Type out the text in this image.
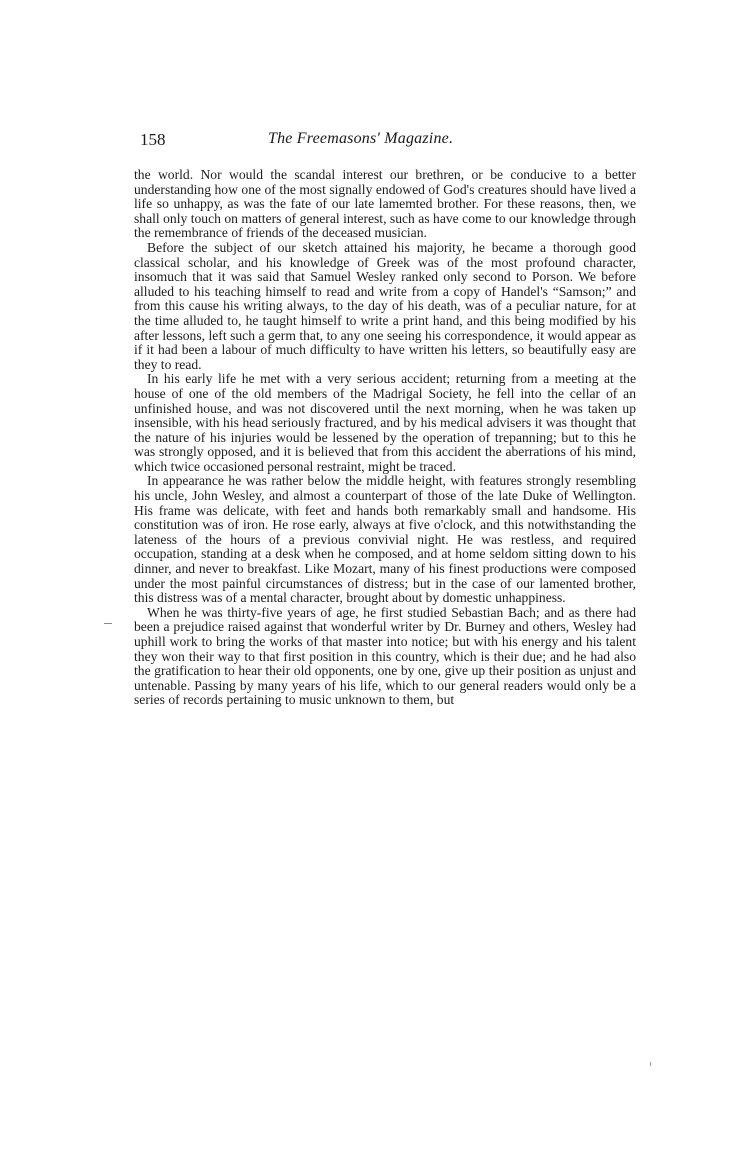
158	The Freemasons' Magazine.

the world. Nor would the scandal interest our brethren, or be conducive to a better understanding how one of the most signally endowed of God's creatures should have lived a life so unhappy, as was the fate of our late lamemted brother. For these reasons, then, we shall only touch on matters of general interest, such as have come to our knowledge through the remembrance of friends of the deceased musician.

Before the subject of our sketch attained his majority, he became a thorough good classical scholar, and his knowledge of Greek was of the most profound character, insomuch that it was said that Samuel Wesley ranked only second to Porson. We before alluded to his teaching himself to read and write from a copy of Handel's “Samson;” and from this cause his writing always, to the day of his death, was of a peculiar nature, for at the time alluded to, he taught himself to write a print hand, and this being modified by his after lessons, left such a germ that, to any one seeing his correspondence, it would appear as if it had been a labour of much difficulty to have written his letters, so beautifully easy are they to read.

In his early life he met with a very serious accident; returning from a meeting at the house of one of the old members of the Madrigal Society, he fell into the cellar of an unfinished house, and was not discovered until the next morning, when he was taken up insensible, with his head seriously fractured, and by his medical advisers it was thought that the nature of his injuries would be lessened by the operation of trepanning; but to this he was strongly opposed, and it is believed that from this accident the aberrations of his mind, which twice occasioned personal restraint, might be traced.

In appearance he was rather below the middle height, with features strongly resembling his uncle, John Wesley, and almost a counterpart of those of the late Duke of Wellington. His frame was delicate, with feet and hands both remarkably small and handsome. His constitution was of iron. He rose early, always at five o'clock, and this notwithstanding the lateness of the hours of a previous convivial night. He was restless, and required occupation, standing at a desk when he composed, and at home seldom sitting down to his dinner, and never to breakfast. Like Mozart, many of his finest productions were composed under the most painful circumstances of distress; but in the case of our lamented brother, this distress was of a mental character, brought about by domestic unhappiness.

When he was thirty-five years of age, he first studied Sebastian Bach; and as there had been a prejudice raised against that wonderful writer by Dr. Burney and others, Wesley had uphill work to bring the works of that master into notice; but with his energy and his talent they won their way to that first position in this country, which is their due; and he had also the gratification to hear their old opponents, one by one, give up their position as unjust and untenable. Passing by many years of his life, which to our general readers would only be a series of records pertaining to music unknown to them, but
